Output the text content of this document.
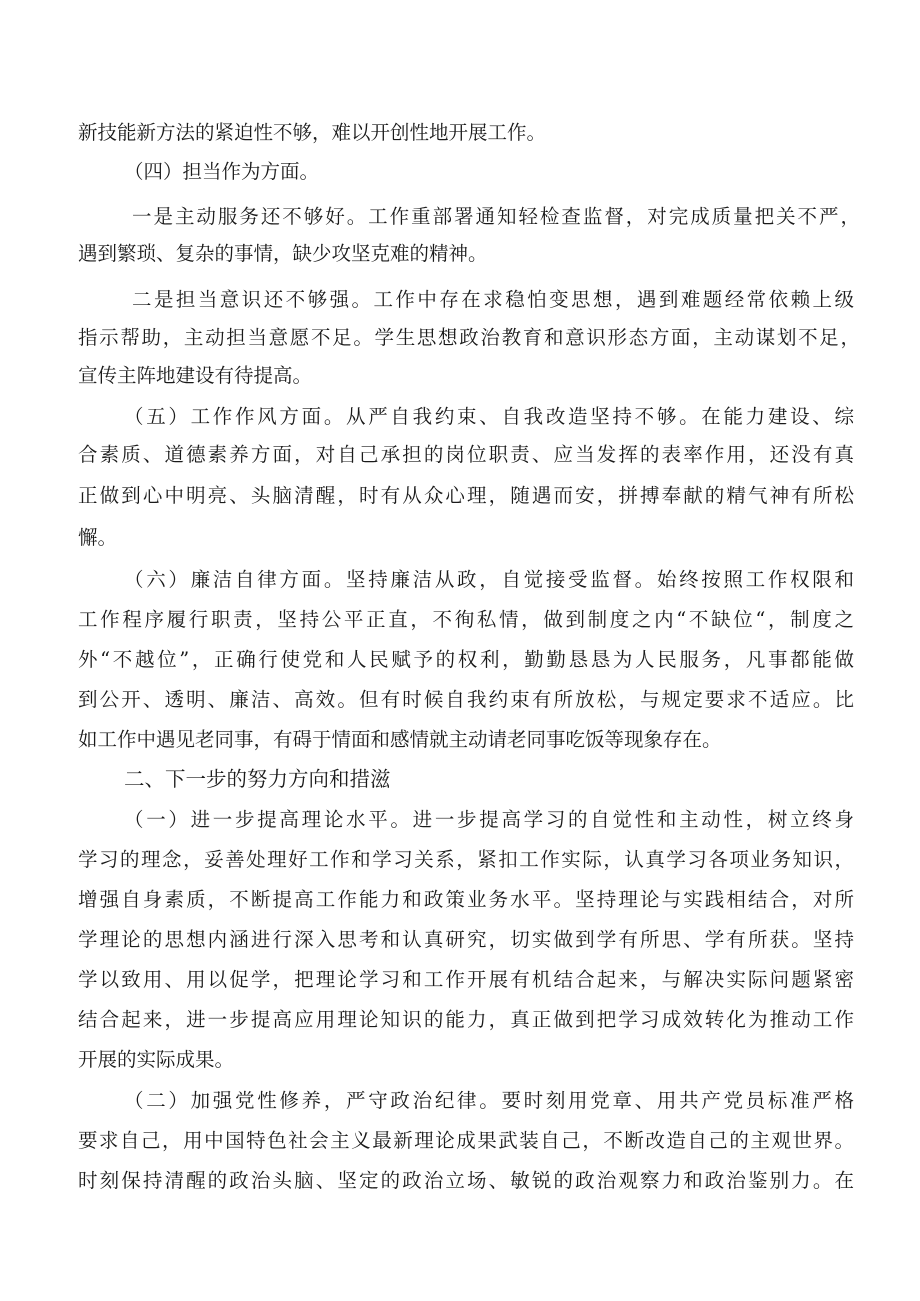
新技能新方法的紧迫性不够，难以开创性地开展工作。
（四）担当作为方面。
一是主动服务还不够好。工作重部署通知轻检查监督，对完成质量把关不严，
遇到繁琐、复杂的事情，缺少攻坚克难的精神。
二是担当意识还不够强。工作中存在求稳怕变思想，遇到难题经常依赖上级
指示帮助，主动担当意愿不足。学生思想政治教育和意识形态方面，主动谋划不足，
宣传主阵地建设有待提高。
（五）工作作风方面。从严自我约束、自我改造坚持不够。在能力建设、综
合素质、道德素养方面，对自己承担的岗位职责、应当发挥的表率作用，还没有真
正做到心中明亮、头脑清醒，时有从众心理，随遇而安，拼搏奉献的精气神有所松
懈。
（六）廉洁自律方面。坚持廉洁从政，自觉接受监督。始终按照工作权限和
工作程序履行职责，坚持公平正直，不徇私情，做到制度之内“不缺位“，制度之
外“不越位”，正确行使党和人民赋予的权利，勤勤恳恳为人民服务，凡事都能做
到公开、透明、廉洁、高效。但有时候自我约束有所放松，与规定要求不适应。比
如工作中遇见老同事，有碍于情面和感情就主动请老同事吃饭等现象存在。
二、下一步的努力方向和措滋
（一）进一步提高理论水平。进一步提高学习的自觉性和主动性，树立终身
学习的理念，妥善处理好工作和学习关系，紧扣工作实际，认真学习各项业务知识，
增强自身素质，不断提高工作能力和政策业务水平。坚持理论与实践相结合，对所
学理论的思想内涵进行深入思考和认真研究，切实做到学有所思、学有所获。坚持
学以致用、用以促学，把理论学习和工作开展有机结合起来，与解决实际问题紧密
结合起来，进一步提高应用理论知识的能力，真正做到把学习成效转化为推动工作
开展的实际成果。
（二）加强党性修养，严守政治纪律。要时刻用党章、用共产党员标准严格
要求自己，用中国特色社会主义最新理论成果武装自己，不断改造自己的主观世界。
时刻保持清醒的政治头脑、坚定的政治立场、敏锐的政治观察力和政治鉴别力。在
